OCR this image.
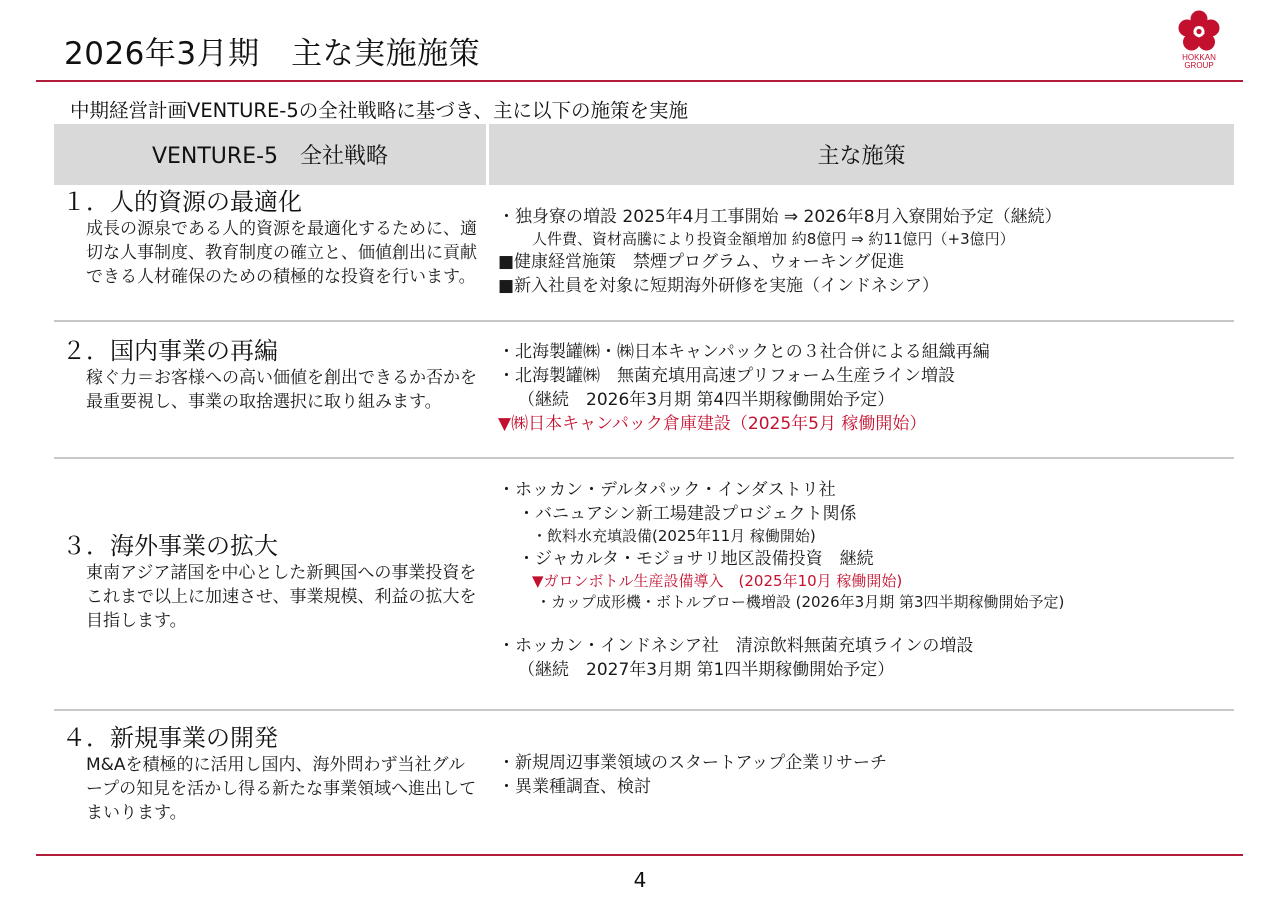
2026年3月期　主な実施施策	HOKKAN
GROUP
中期経営計画VENTURE-5の全社戦略に基づき、主に以下の施策を実施
VENTURE-5　全社戦略	主な施策
１．人的資源の最適化
成長の源泉である人的資源を最適化するために、適切な人事制度、教育制度の確立と、価値創出に貢献できる人材確保のための積極的な投資を行います。
・独身寮の増設 2025年4月工事開始 ⇒ 2026年8月入寮開始予定（継続）
人件費、資材高騰により投資金額増加 約8億円 ⇒ 約11億円（+3億円）
■健康経営施策　禁煙プログラム、ウォーキング促進
■新入社員を対象に短期海外研修を実施（インドネシア）
２．国内事業の再編
稼ぐ力＝お客様への高い価値を創出できるか否かを最重要視し、事業の取捨選択に取り組みます。
・北海製罐㈱・㈱日本キャンパックとの３社合併による組織再編
・北海製罐㈱　無菌充填用高速プリフォーム生産ライン増設
（継続　2026年3月期 第4四半期稼働開始予定）
▼㈱日本キャンパック倉庫建設（2025年5月 稼働開始）
３．海外事業の拡大
東南アジア諸国を中心とした新興国への事業投資をこれまで以上に加速させ、事業規模、利益の拡大を目指します。
・ホッカン・デルタパック・インダストリ社
・バニュアシン新工場建設プロジェクト関係
・飲料水充填設備(2025年11月 稼働開始)
・ジャカルタ・モジョサリ地区設備投資　継続
▼ガロンボトル生産設備導入　(2025年10月 稼働開始)
・カップ成形機・ボトルブロー機増設 (2026年3月期 第3四半期稼働開始予定)
・ホッカン・インドネシア社　清涼飲料無菌充填ラインの増設
（継続　2027年3月期 第1四半期稼働開始予定）
４．新規事業の開発
M&Aを積極的に活用し国内、海外問わず当社グループの知見を活かし得る新たな事業領域へ進出してまいります。
・新規周辺事業領域のスタートアップ企業リサーチ
・異業種調査、検討
4
